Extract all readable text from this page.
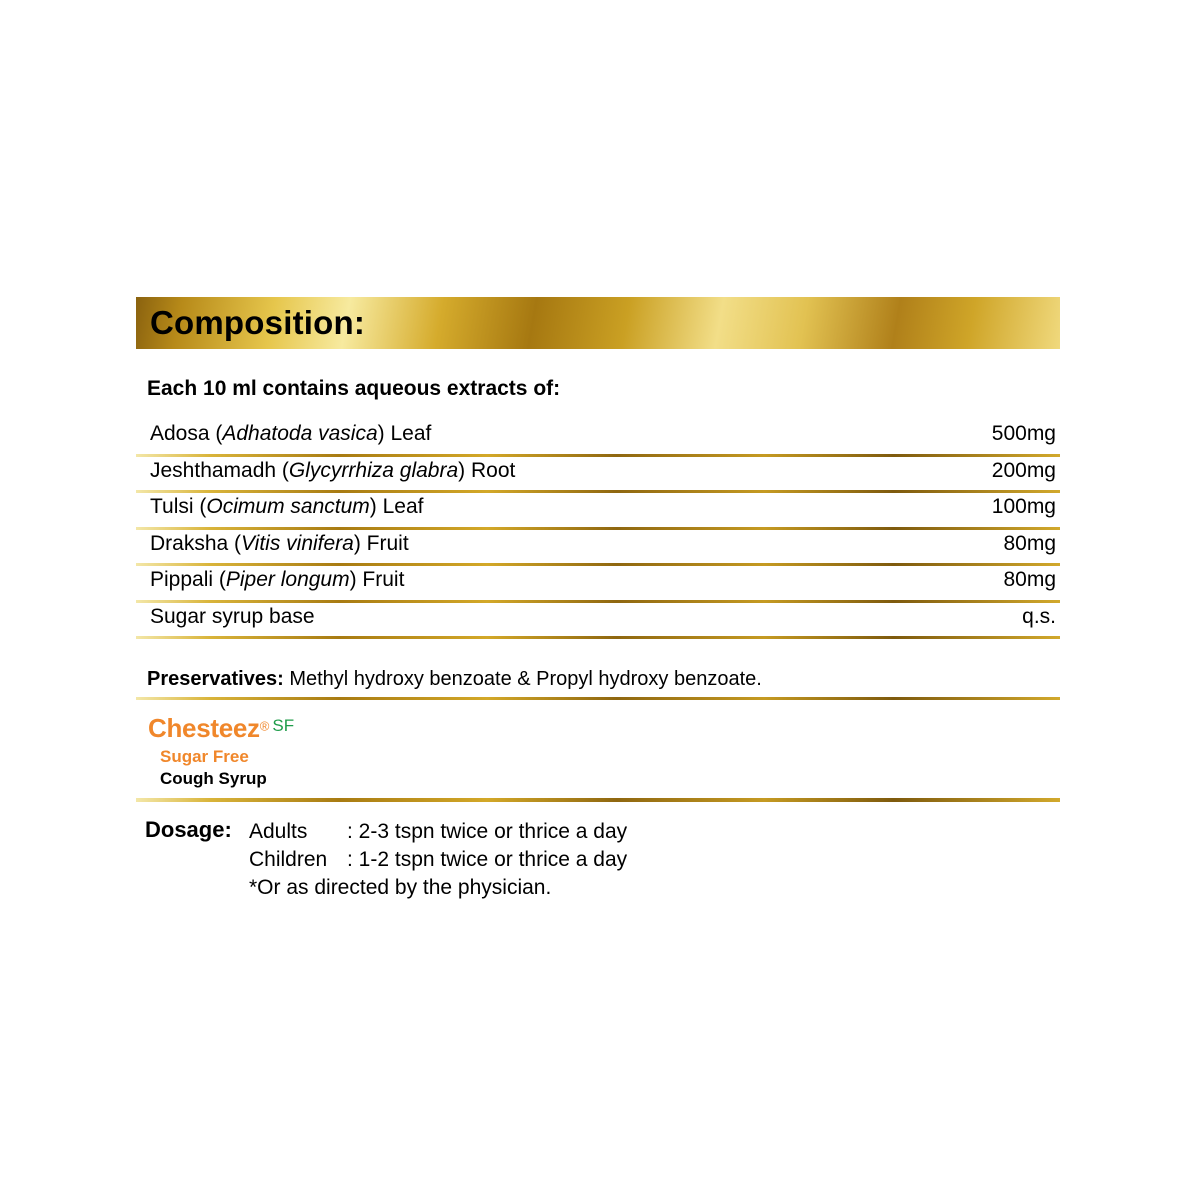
Composition:
Each 10 ml contains aqueous extracts of:
Adosa (Adhatoda vasica) Leaf	500mg
Jeshthamadh (Glycyrrhiza glabra) Root	200mg
Tulsi (Ocimum sanctum) Leaf	100mg
Draksha (Vitis vinifera) Fruit	80mg
Pippali (Piper longum) Fruit	80mg
Sugar syrup base	q.s.
Preservatives: Methyl hydroxy benzoate & Propyl hydroxy benzoate.
Chesteez® SF
Sugar Free
Cough Syrup
Dosage: Adults : 2-3 tspn twice or thrice a day
Children : 1-2 tspn twice or thrice a day
*Or as directed by the physician.
